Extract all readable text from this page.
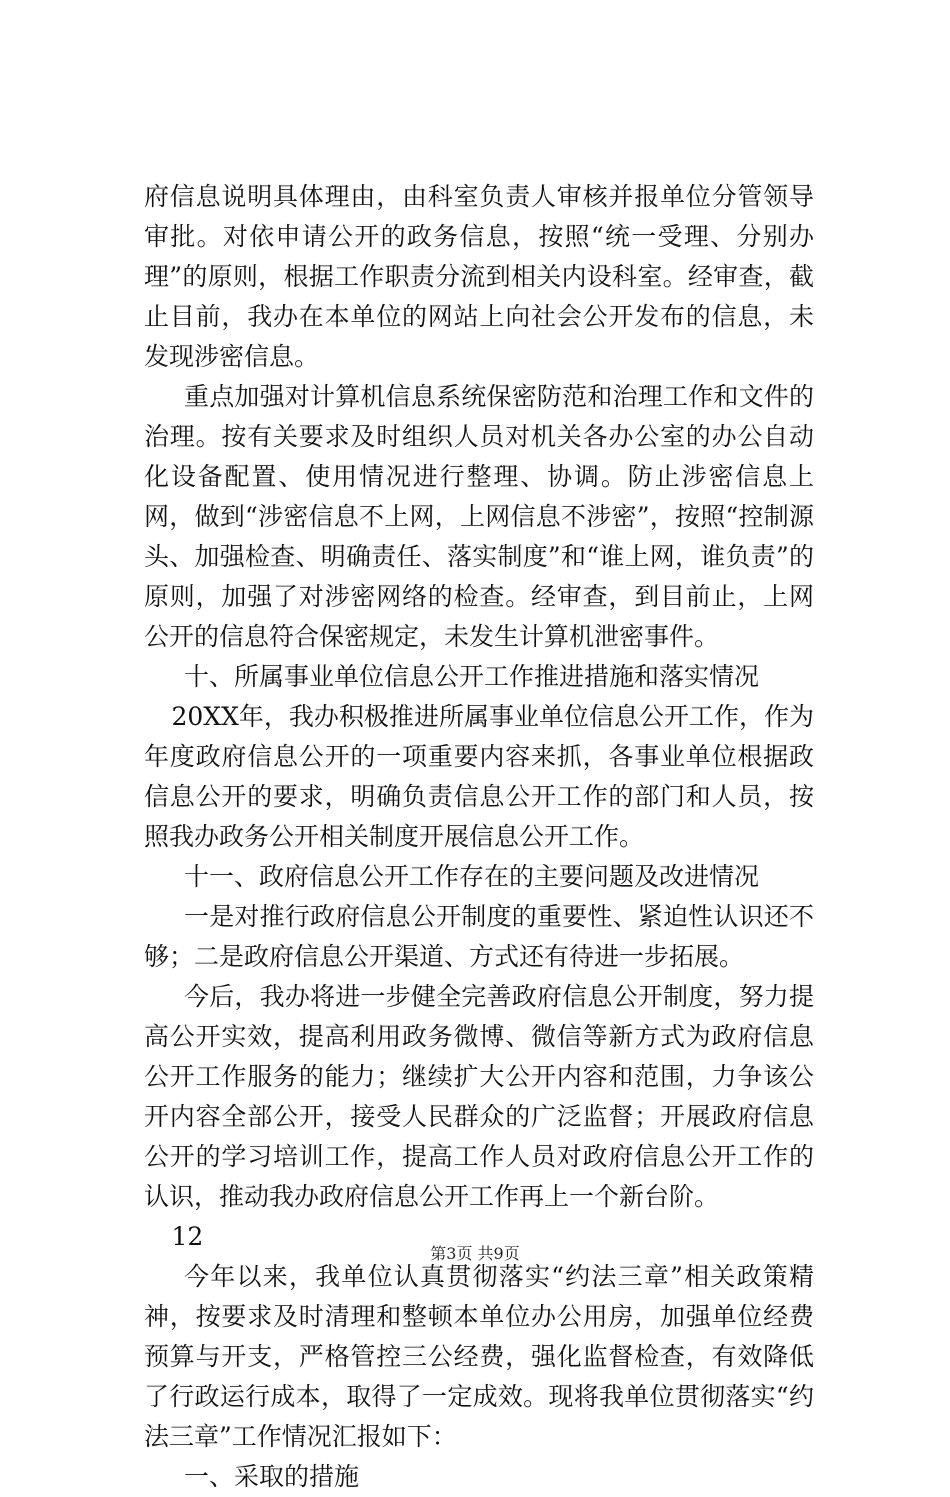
府信息说明具体理由，由科室负责人审核并报单位分管领导审批。对依申请公开的政务信息，按照“统一受理、分别办理”的原则，根据工作职责分流到相关内设科室。经审查，截止目前，我办在本单位的网站上向社会公开发布的信息，未发现涉密信息。

重点加强对计算机信息系统保密防范和治理工作和文件的治理。按有关要求及时组织人员对机关各办公室的办公自动化设备配置、使用情况进行整理、协调。防止涉密信息上网，做到“涉密信息不上网，上网信息不涉密”，按照“控制源头、加强检查、明确责任、落实制度”和“谁上网，谁负责”的原则，加强了对涉密网络的检查。经审查，到目前止，上网公开的信息符合保密规定，未发生计算机泄密事件。

十、所属事业单位信息公开工作推进措施和落实情况

20XX年，我办积极推进所属事业单位信息公开工作，作为年度政府信息公开的一项重要内容来抓，各事业单位根据政信息公开的要求，明确负责信息公开工作的部门和人员，按照我办政务公开相关制度开展信息公开工作。

十一、政府信息公开工作存在的主要问题及改进情况

一是对推行政府信息公开制度的重要性、紧迫性认识还不够；二是政府信息公开渠道、方式还有待进一步拓展。

今后，我办将进一步健全完善政府信息公开制度，努力提高公开实效，提高利用政务微博、微信等新方式为政府信息公开工作服务的能力；继续扩大公开内容和范围，力争该公开内容全部公开，接受人民群众的广泛监督；开展政府信息公开的学习培训工作，提高工作人员对政府信息公开工作的认识，推动我办政府信息公开工作再上一个新台阶。

12

今年以来，我单位认真贯彻落实“约法三章”相关政策精神，按要求及时清理和整顿本单位办公用房，加强单位经费预算与开支，严格管控三公经费，强化监督检查，有效降低了行政运行成本，取得了一定成效。现将我单位贯彻落实“约法三章”工作情况汇报如下：

一、采取的措施

第3页 共9页
